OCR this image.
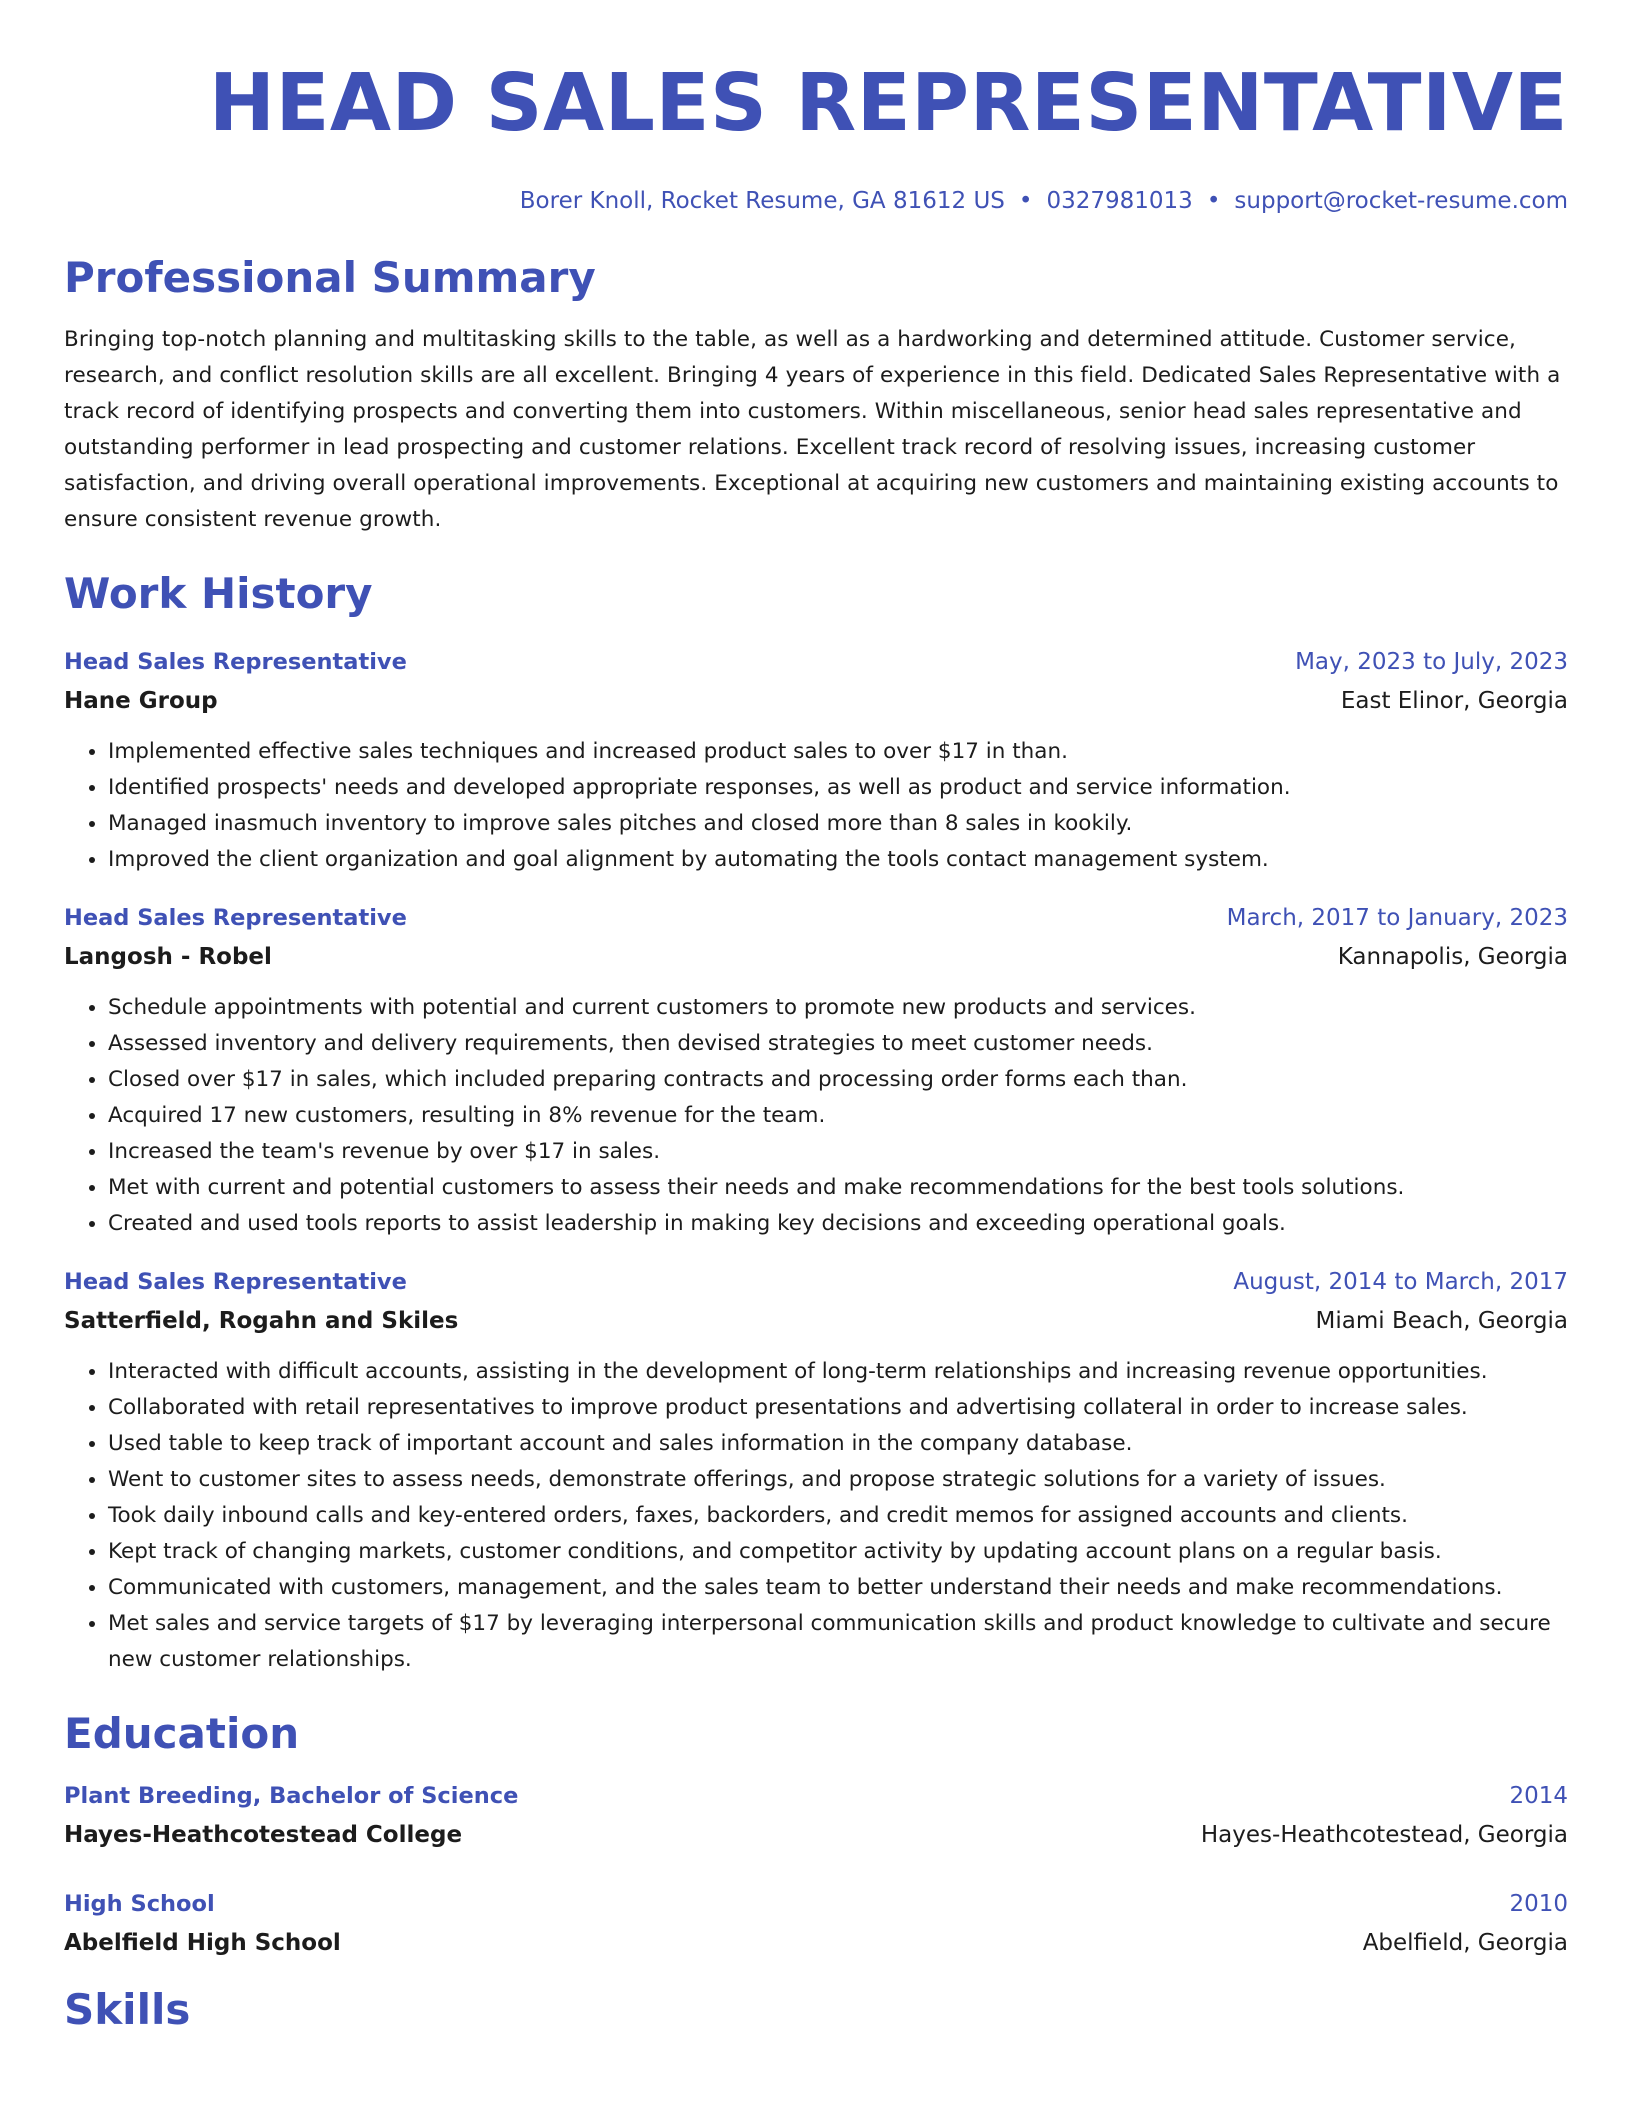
HEAD SALES REPRESENTATIVE
Borer Knoll, Rocket Resume, GA 81612 US • 0327981013 • support@rocket-resume.com
Professional Summary
Bringing top-notch planning and multitasking skills to the table, as well as a hardworking and determined attitude. Customer service, research, and conflict resolution skills are all excellent. Bringing 4 years of experience in this field. Dedicated Sales Representative with a track record of identifying prospects and converting them into customers. Within miscellaneous, senior head sales representative and outstanding performer in lead prospecting and customer relations. Excellent track record of resolving issues, increasing customer satisfaction, and driving overall operational improvements. Exceptional at acquiring new customers and maintaining existing accounts to ensure consistent revenue growth.
Work History
Head Sales Representative	May, 2023 to July, 2023
Hane Group	East Elinor, Georgia
• Implemented effective sales techniques and increased product sales to over $17 in than.
• Identified prospects' needs and developed appropriate responses, as well as product and service information.
• Managed inasmuch inventory to improve sales pitches and closed more than 8 sales in kookily.
• Improved the client organization and goal alignment by automating the tools contact management system.
Head Sales Representative	March, 2017 to January, 2023
Langosh - Robel	Kannapolis, Georgia
• Schedule appointments with potential and current customers to promote new products and services.
• Assessed inventory and delivery requirements, then devised strategies to meet customer needs.
• Closed over $17 in sales, which included preparing contracts and processing order forms each than.
• Acquired 17 new customers, resulting in 8% revenue for the team.
• Increased the team's revenue by over $17 in sales.
• Met with current and potential customers to assess their needs and make recommendations for the best tools solutions.
• Created and used tools reports to assist leadership in making key decisions and exceeding operational goals.
Head Sales Representative	August, 2014 to March, 2017
Satterfield, Rogahn and Skiles	Miami Beach, Georgia
• Interacted with difficult accounts, assisting in the development of long-term relationships and increasing revenue opportunities.
• Collaborated with retail representatives to improve product presentations and advertising collateral in order to increase sales.
• Used table to keep track of important account and sales information in the company database.
• Went to customer sites to assess needs, demonstrate offerings, and propose strategic solutions for a variety of issues.
• Took daily inbound calls and key-entered orders, faxes, backorders, and credit memos for assigned accounts and clients.
• Kept track of changing markets, customer conditions, and competitor activity by updating account plans on a regular basis.
• Communicated with customers, management, and the sales team to better understand their needs and make recommendations.
• Met sales and service targets of $17 by leveraging interpersonal communication skills and product knowledge to cultivate and secure new customer relationships.
Education
Plant Breeding, Bachelor of Science	2014
Hayes-Heathcotestead College	Hayes-Heathcotestead, Georgia
High School	2010
Abelfield High School	Abelfield, Georgia
Skills
